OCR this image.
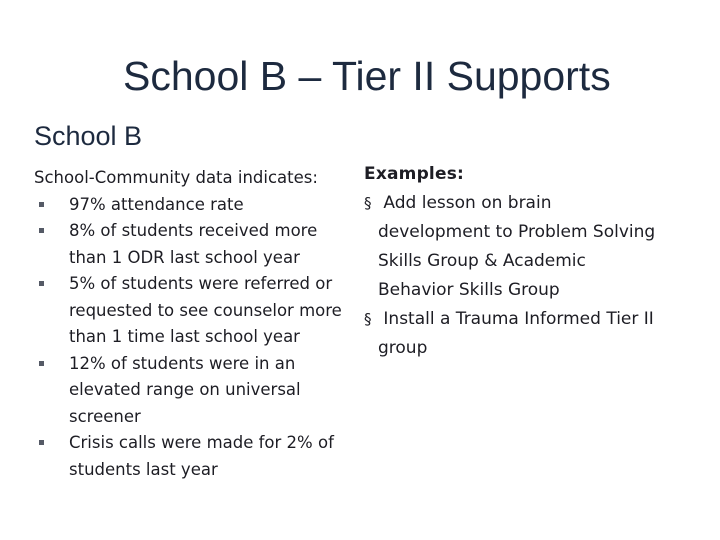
School B – Tier II Supports
School B

School-Community data indicates:

97% attendance rate
8% of students received more than 1 ODR last school year
5% of students were referred or requested to see counselor more than 1 time last school year
12% of students were in an elevated range on universal screener
Crisis calls were made for 2% of students last year

Examples:

§ Add lesson on brain development to Problem Solving Skills Group & Academic Behavior Skills Group
§ Install a Trauma Informed Tier II group
